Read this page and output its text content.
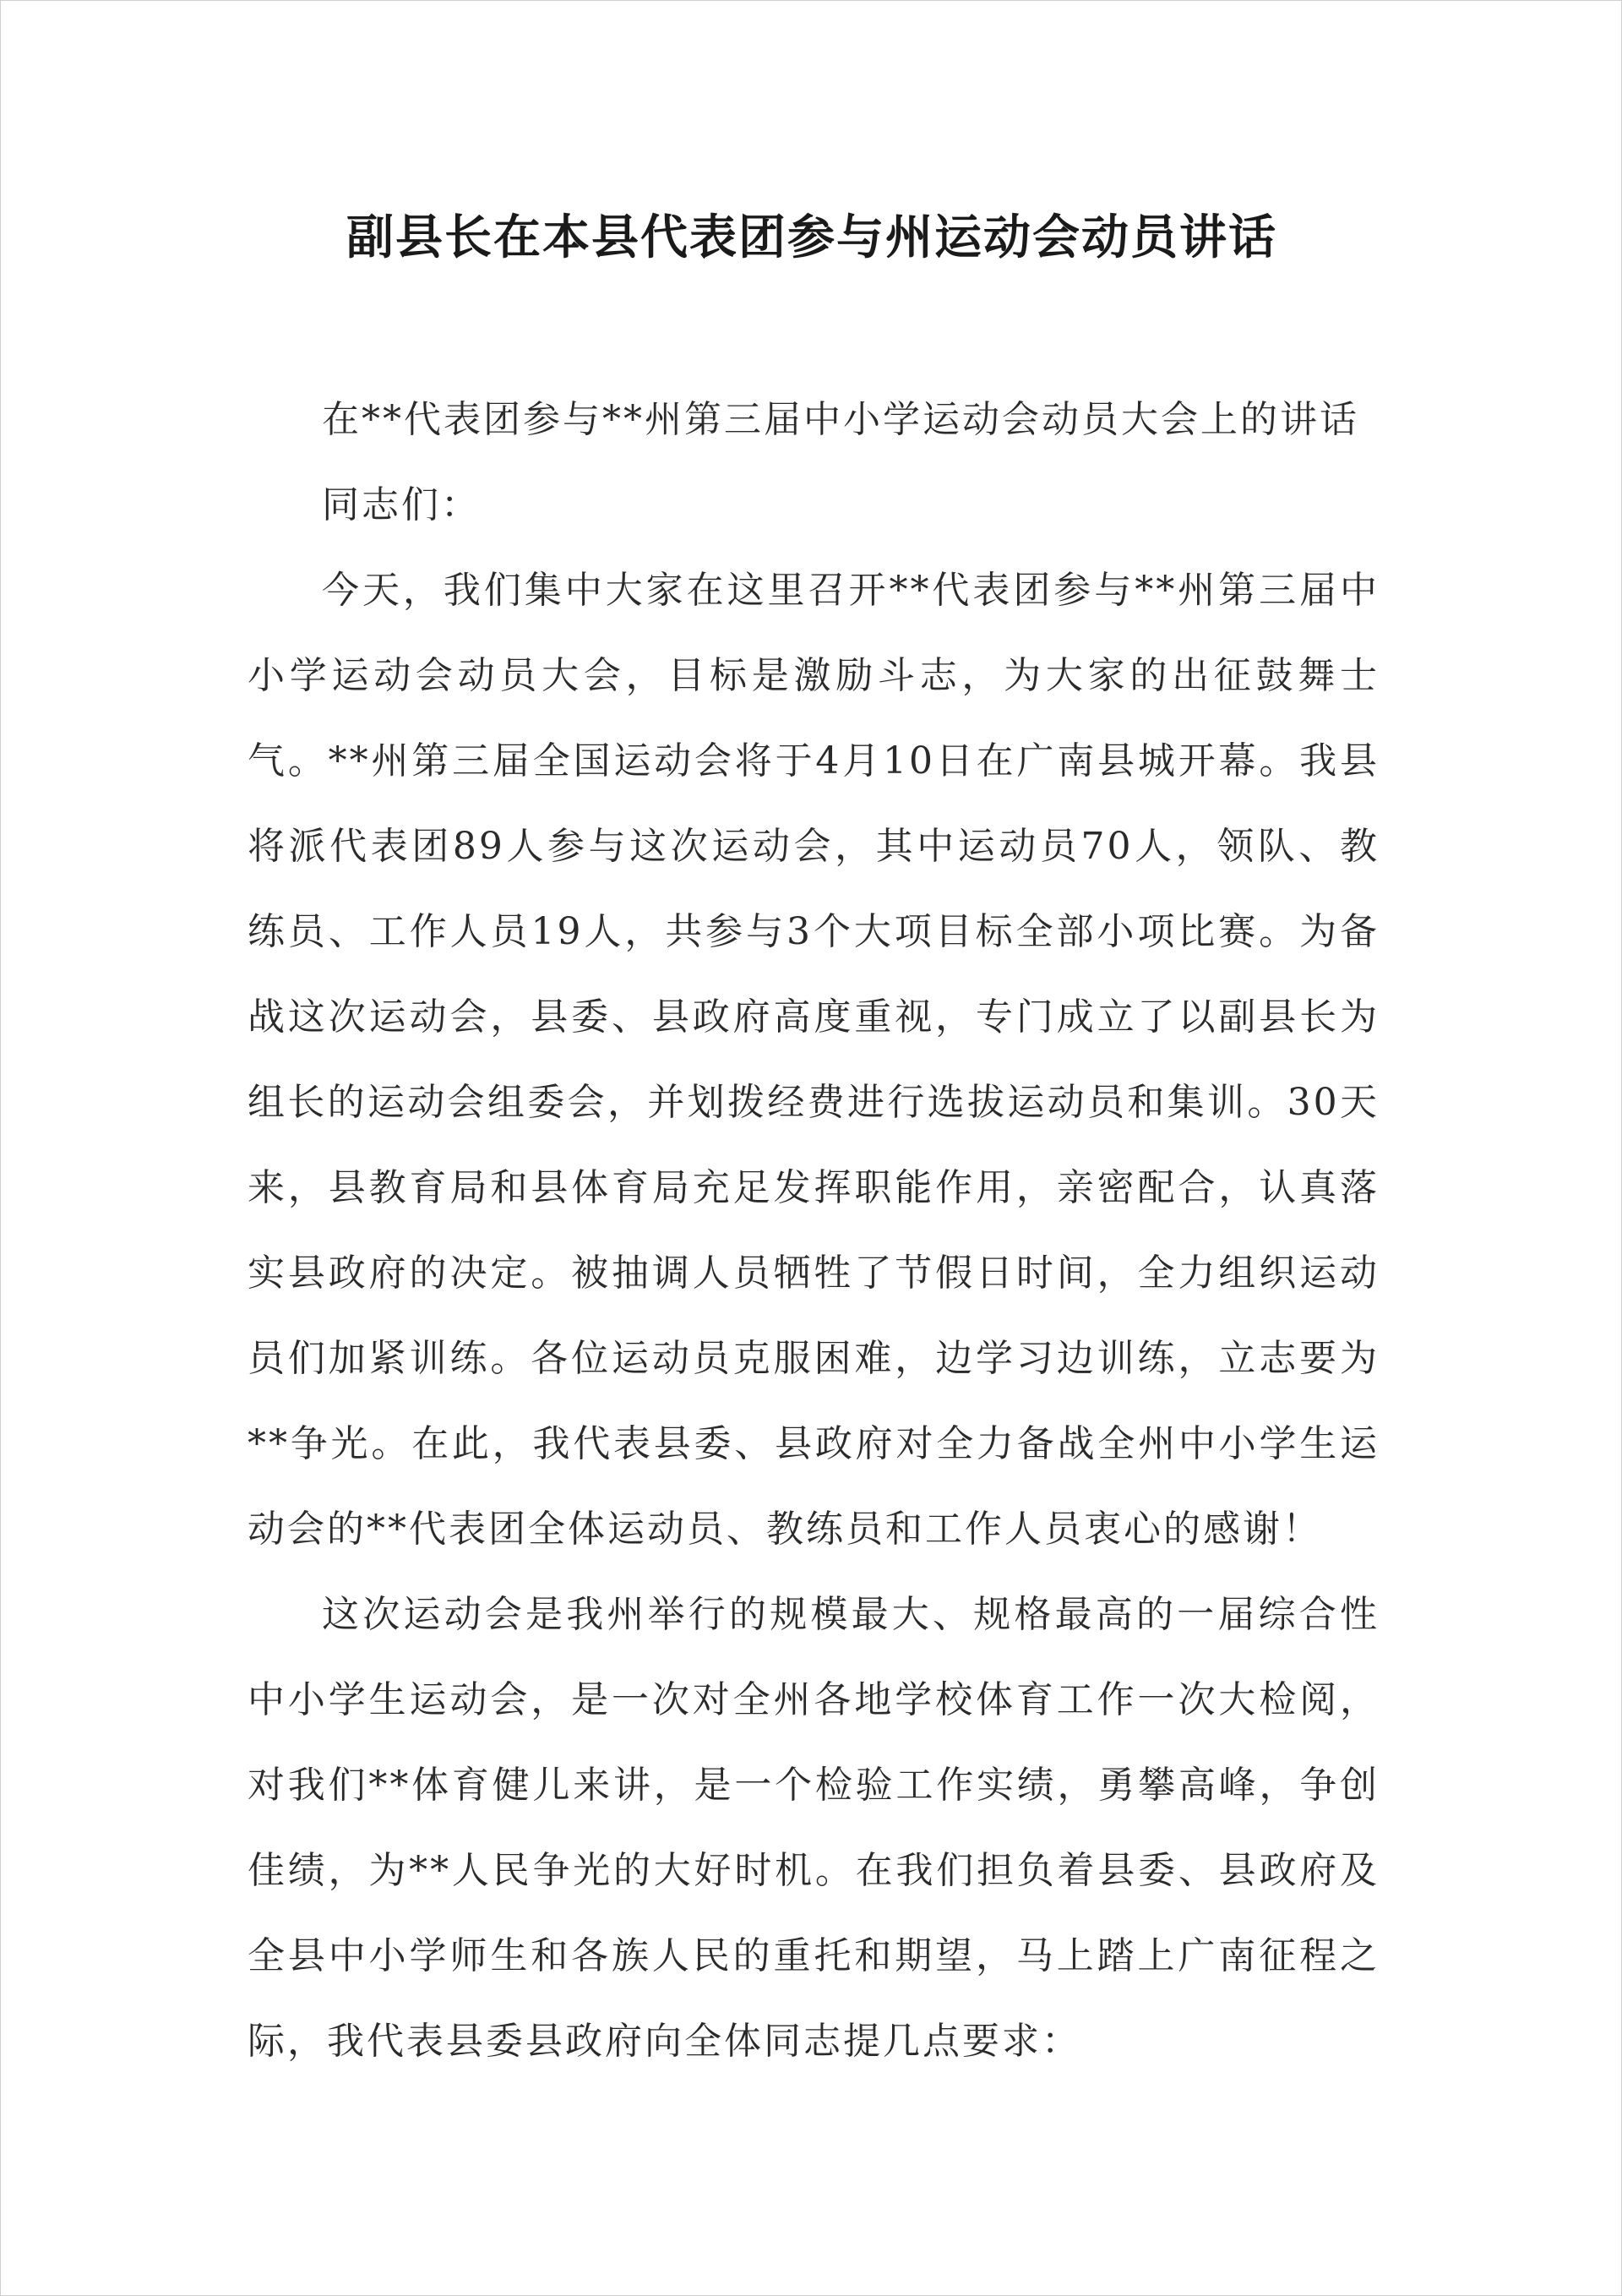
副县长在本县代表团参与州运动会动员讲话

在**代表团参与**州第三届中小学运动会动员大会上的讲话

同志们：

今天，我们集中大家在这里召开**代表团参与**州第三届中小学运动会动员大会，目标是激励斗志，为大家的出征鼓舞士气。**州第三届全国运动会将于4月10日在广南县城开幕。我县将派代表团89人参与这次运动会，其中运动员70人，领队、教练员、工作人员19人，共参与3个大项目标全部小项比赛。为备战这次运动会，县委、县政府高度重视，专门成立了以副县长为组长的运动会组委会，并划拨经费进行选拔运动员和集训。30天来，县教育局和县体育局充足发挥职能作用，亲密配合，认真落实县政府的决定。被抽调人员牺牲了节假日时间，全力组织运动员们加紧训练。各位运动员克服困难，边学习边训练，立志要为**争光。在此，我代表县委、县政府对全力备战全州中小学生运动会的**代表团全体运动员、教练员和工作人员衷心的感谢！

这次运动会是我州举行的规模最大、规格最高的一届综合性中小学生运动会，是一次对全州各地学校体育工作一次大检阅，对我们**体育健儿来讲，是一个检验工作实绩，勇攀高峰，争创佳绩，为**人民争光的大好时机。在我们担负着县委、县政府及全县中小学师生和各族人民的重托和期望，马上踏上广南征程之际，我代表县委县政府向全体同志提几点要求：
